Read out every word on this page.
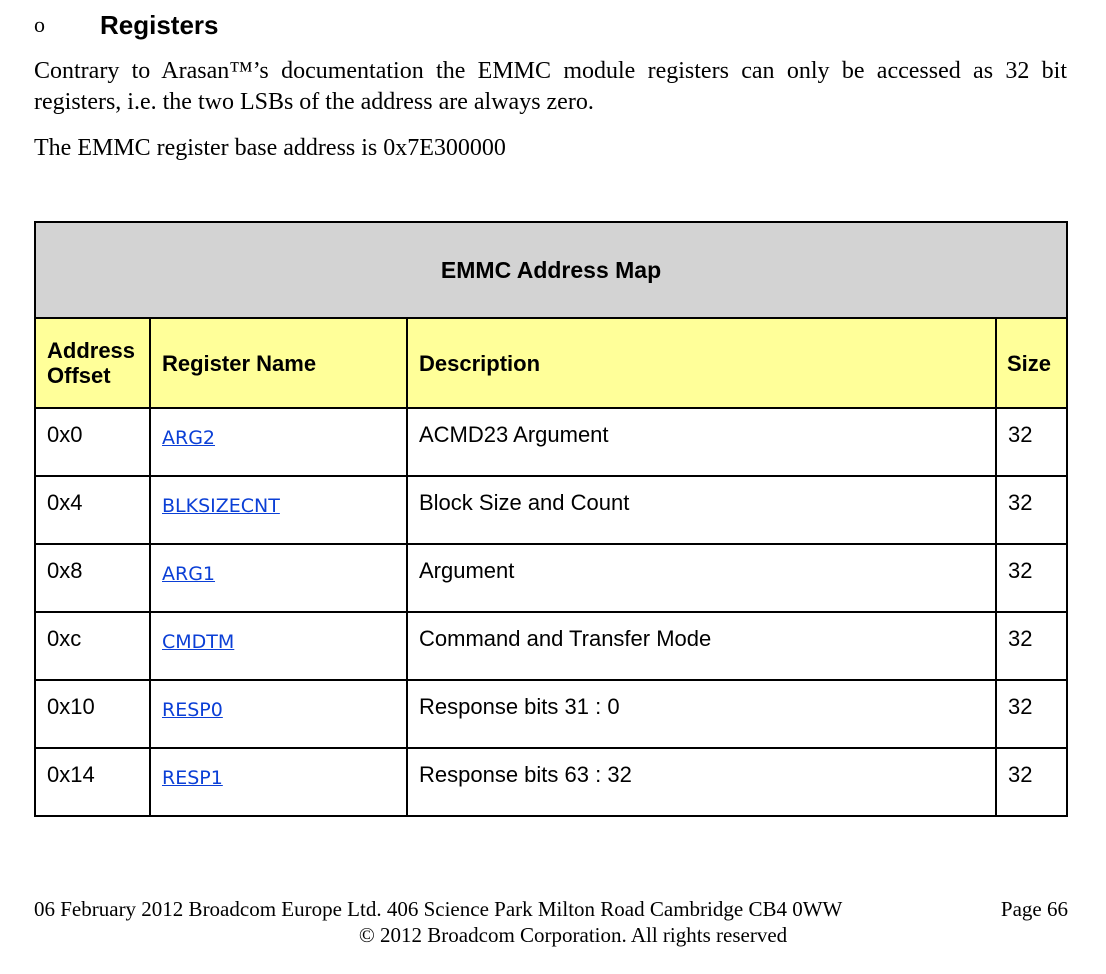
o	Registers

Contrary to Arasan™’s documentation the EMMC module registers can only be accessed as 32 bit registers, i.e. the two LSBs of the address are always zero.

The EMMC register base address is 0x7E300000

EMMC Address Map			
Address Offset	Register Name	Description	Size
0x0	ARG2	ACMD23 Argument	32
0x4	BLKSIZECNT	Block Size and Count	32
0x8	ARG1	Argument	32
0xc	CMDTM	Command and Transfer Mode	32
0x10	RESP0	Response bits 31 : 0	32
0x14	RESP1	Response bits 63 : 32	32
06 February 2012 Broadcom Europe Ltd. 406 Science Park Milton Road Cambridge CB4 0WW	Page 66
© 2012 Broadcom Corporation. All rights reserved
